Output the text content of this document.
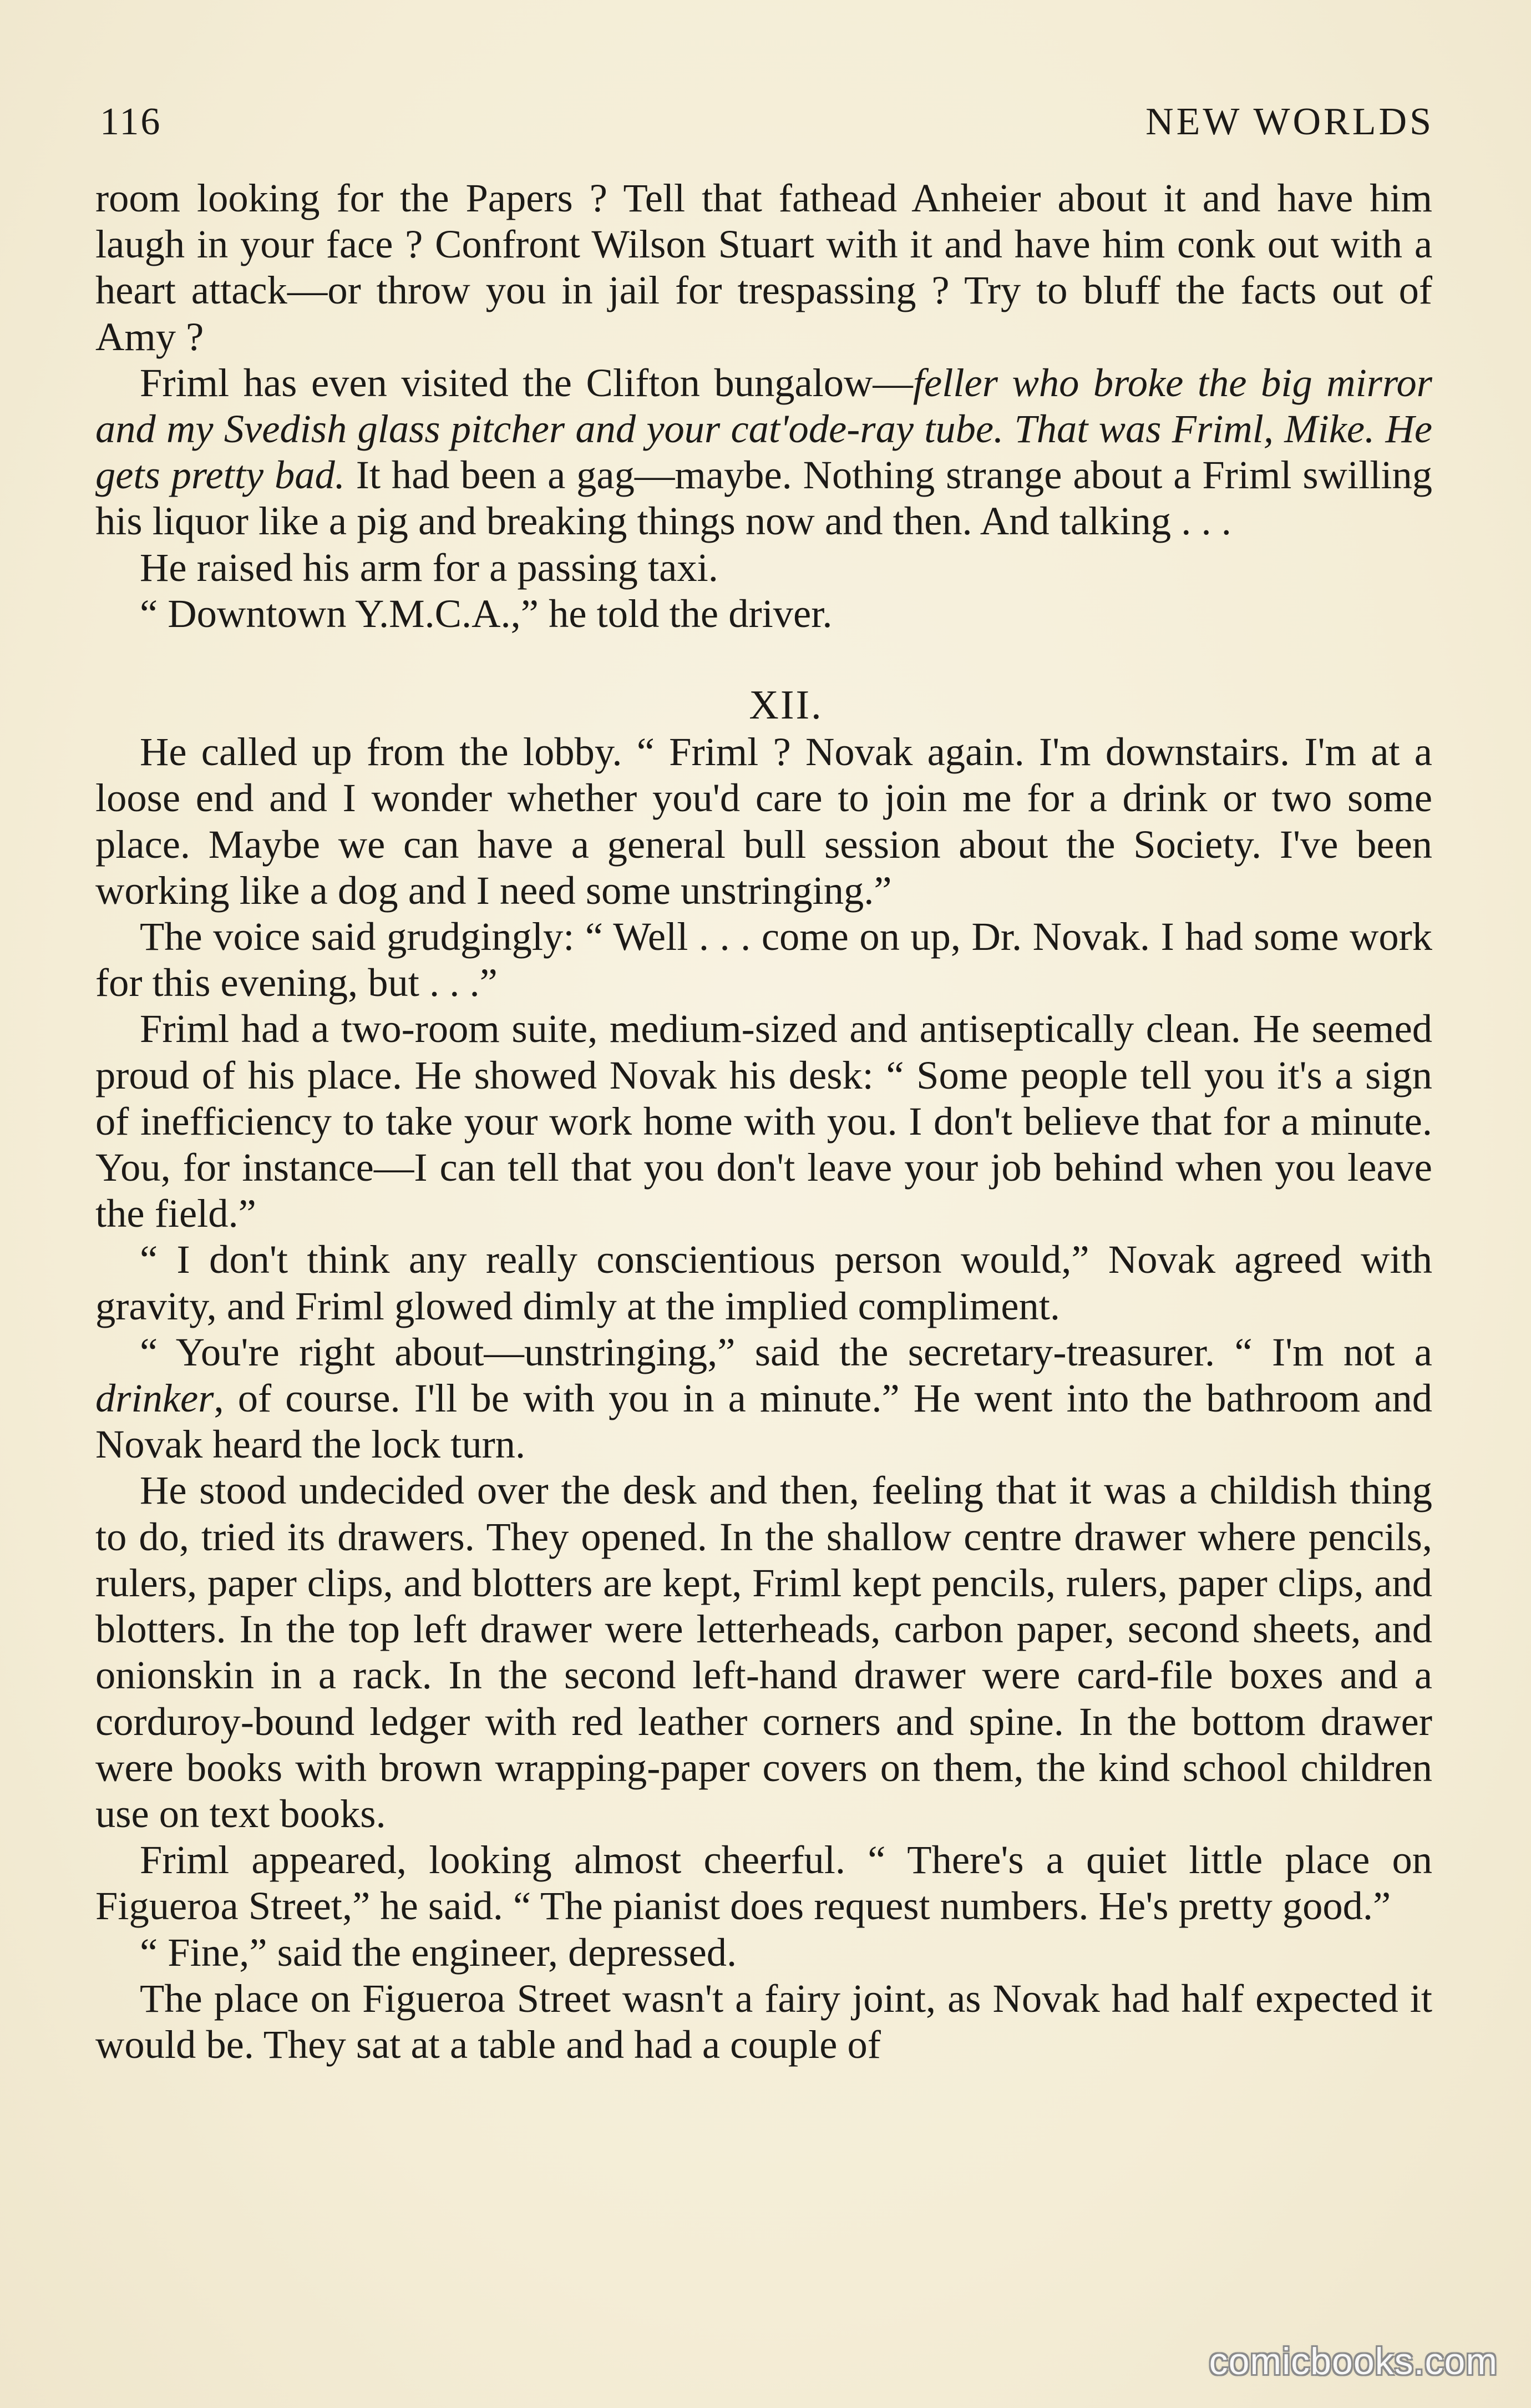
116	NEW WORLDS

room looking for the Papers ? Tell that fathead Anheier about it and have him laugh in your face ? Confront Wilson Stuart with it and have him conk out with a heart attack—or throw you in jail for trespassing ? Try to bluff the facts out of Amy ?

Friml has even visited the Clifton bungalow—feller who broke the big mirror and my Svedish glass pitcher and your cat'ode-ray tube. That was Friml, Mike. He gets pretty bad. It had been a gag—maybe. Nothing strange about a Friml swilling his liquor like a pig and breaking things now and then. And talking . . .

He raised his arm for a passing taxi.

“ Downtown Y.M.C.A.,” he told the driver.

XII.

He called up from the lobby. “ Friml ? Novak again. I'm downstairs. I'm at a loose end and I wonder whether you'd care to join me for a drink or two some place. Maybe we can have a general bull session about the Society. I've been working like a dog and I need some unstringing.”

The voice said grudgingly: “ Well . . . come on up, Dr. Novak. I had some work for this evening, but . . .”

Friml had a two-room suite, medium-sized and antiseptically clean. He seemed proud of his place. He showed Novak his desk: “ Some people tell you it's a sign of inefficiency to take your work home with you. I don't believe that for a minute. You, for instance—I can tell that you don't leave your job behind when you leave the field.”

“ I don't think any really conscientious person would,” Novak agreed with gravity, and Friml glowed dimly at the implied compliment.

“ You're right about—unstringing,” said the secretary-treasurer. “ I'm not a drinker, of course. I'll be with you in a minute.” He went into the bathroom and Novak heard the lock turn.

He stood undecided over the desk and then, feeling that it was a childish thing to do, tried its drawers. They opened. In the shallow centre drawer where pencils, rulers, paper clips, and blotters are kept, Friml kept pencils, rulers, paper clips, and blotters. In the top left drawer were letterheads, carbon paper, second sheets, and onionskin in a rack. In the second left-hand drawer were card-file boxes and a corduroy-bound ledger with red leather corners and spine. In the bottom drawer were books with brown wrapping-paper covers on them, the kind school children use on text books.

Friml appeared, looking almost cheerful. “ There's a quiet little place on Figueroa Street,” he said. “ The pianist does request numbers. He's pretty good.”

“ Fine,” said the engineer, depressed.

The place on Figueroa Street wasn't a fairy joint, as Novak had half expected it would be. They sat at a table and had a couple of

comicbooks.com
